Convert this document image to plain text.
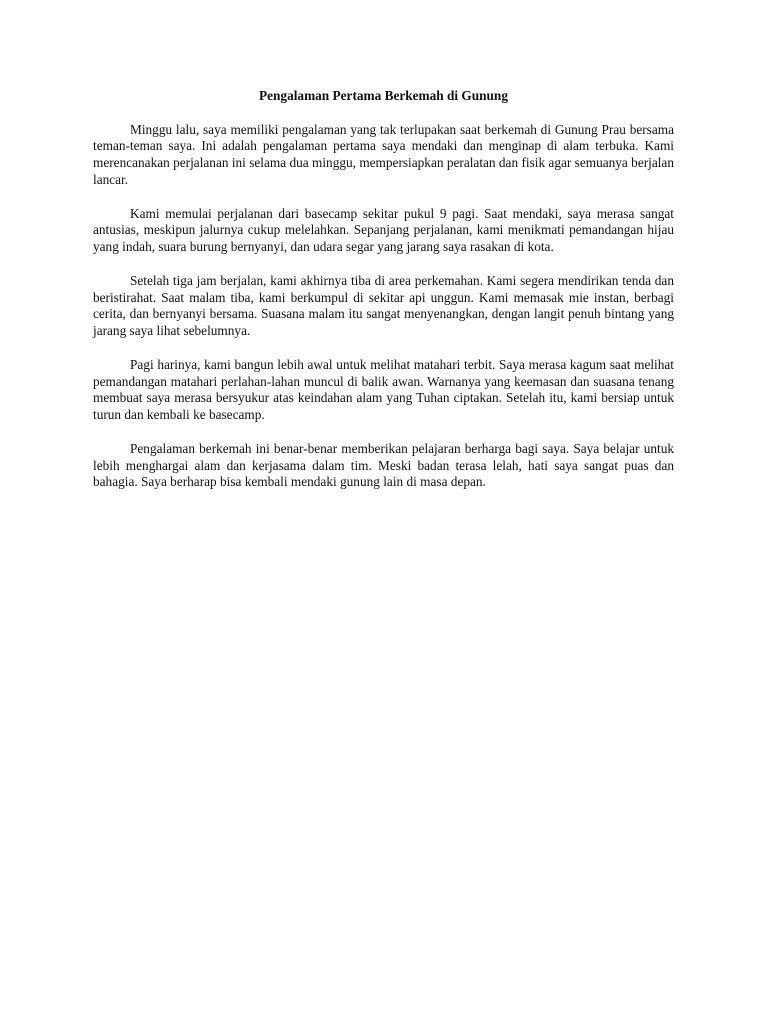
Pengalaman Pertama Berkemah di Gunung

Minggu lalu, saya memiliki pengalaman yang tak terlupakan saat berkemah di Gunung Prau bersama teman-teman saya. Ini adalah pengalaman pertama saya mendaki dan menginap di alam terbuka. Kami merencanakan perjalanan ini selama dua minggu, mempersiapkan peralatan dan fisik agar semuanya berjalan lancar.

Kami memulai perjalanan dari basecamp sekitar pukul 9 pagi. Saat mendaki, saya merasa sangat antusias, meskipun jalurnya cukup melelahkan. Sepanjang perjalanan, kami menikmati pemandangan hijau yang indah, suara burung bernyanyi, dan udara segar yang jarang saya rasakan di kota.

Setelah tiga jam berjalan, kami akhirnya tiba di area perkemahan. Kami segera mendirikan tenda dan beristirahat. Saat malam tiba, kami berkumpul di sekitar api unggun. Kami memasak mie instan, berbagi cerita, dan bernyanyi bersama. Suasana malam itu sangat menyenangkan, dengan langit penuh bintang yang jarang saya lihat sebelumnya.

Pagi harinya, kami bangun lebih awal untuk melihat matahari terbit. Saya merasa kagum saat melihat pemandangan matahari perlahan-lahan muncul di balik awan. Warnanya yang keemasan dan suasana tenang membuat saya merasa bersyukur atas keindahan alam yang Tuhan ciptakan. Setelah itu, kami bersiap untuk turun dan kembali ke basecamp.

Pengalaman berkemah ini benar-benar memberikan pelajaran berharga bagi saya. Saya belajar untuk lebih menghargai alam dan kerjasama dalam tim. Meski badan terasa lelah, hati saya sangat puas dan bahagia. Saya berharap bisa kembali mendaki gunung lain di masa depan.
